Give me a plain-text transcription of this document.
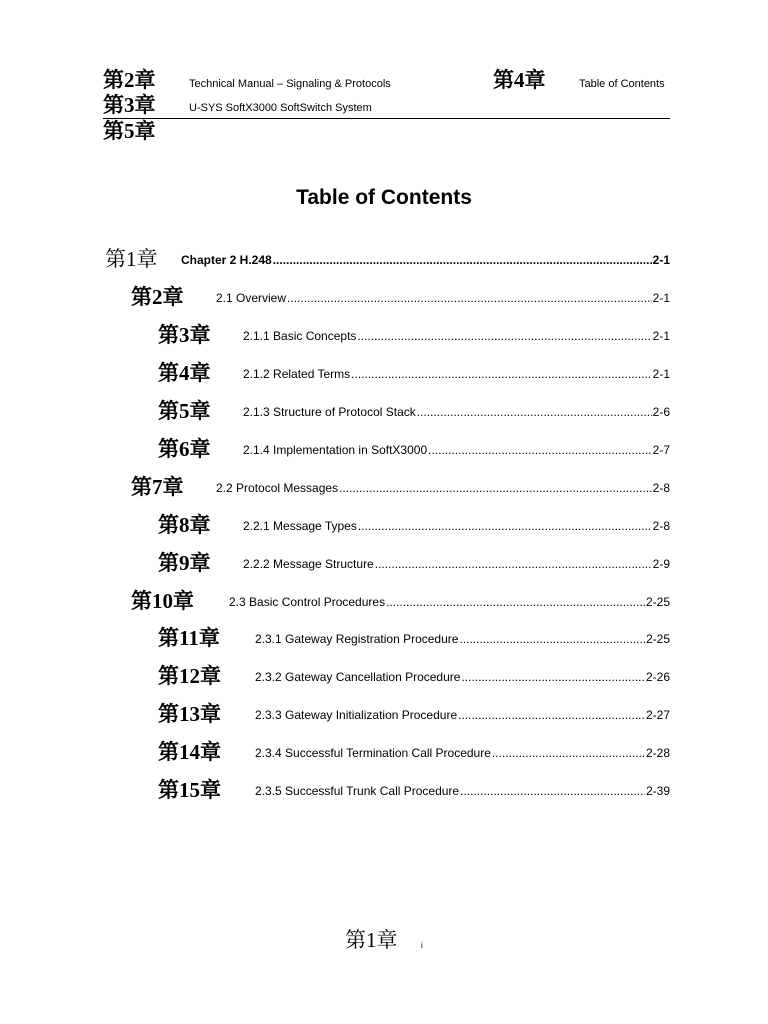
第2章
第3章
第5章
Technical Manual – Signaling & Protocols
U-SYS SoftX3000 SoftSwitch System
第4章	Table of Contents
Table of Contents
第1章 Chapter 2 H.248 .....	2-1
第2章	2.1 Overview .....	2-1
第3章	2.1.1 Basic Concepts .....	2-1
第4章	2.1.2 Related Terms .....	2-1
第5章	2.1.3 Structure of Protocol Stack .....	2-6
第6章	2.1.4 Implementation in SoftX3000 .....	2-7
第7章	2.2 Protocol Messages .....	2-8
第8章	2.2.1 Message Types .....	2-8
第9章	2.2.2 Message Structure .....	2-9
第10章	2.3 Basic Control Procedures .....	2-25
第11章	2.3.1 Gateway Registration Procedure .....	2-25
第12章	2.3.2 Gateway Cancellation Procedure .....	2-26
第13章	2.3.3 Gateway Initialization Procedure .....	2-27
第14章	2.3.4 Successful Termination Call Procedure .....	2-28
第15章	2.3.5 Successful Trunk Call Procedure .....	2-39
第1章	i
